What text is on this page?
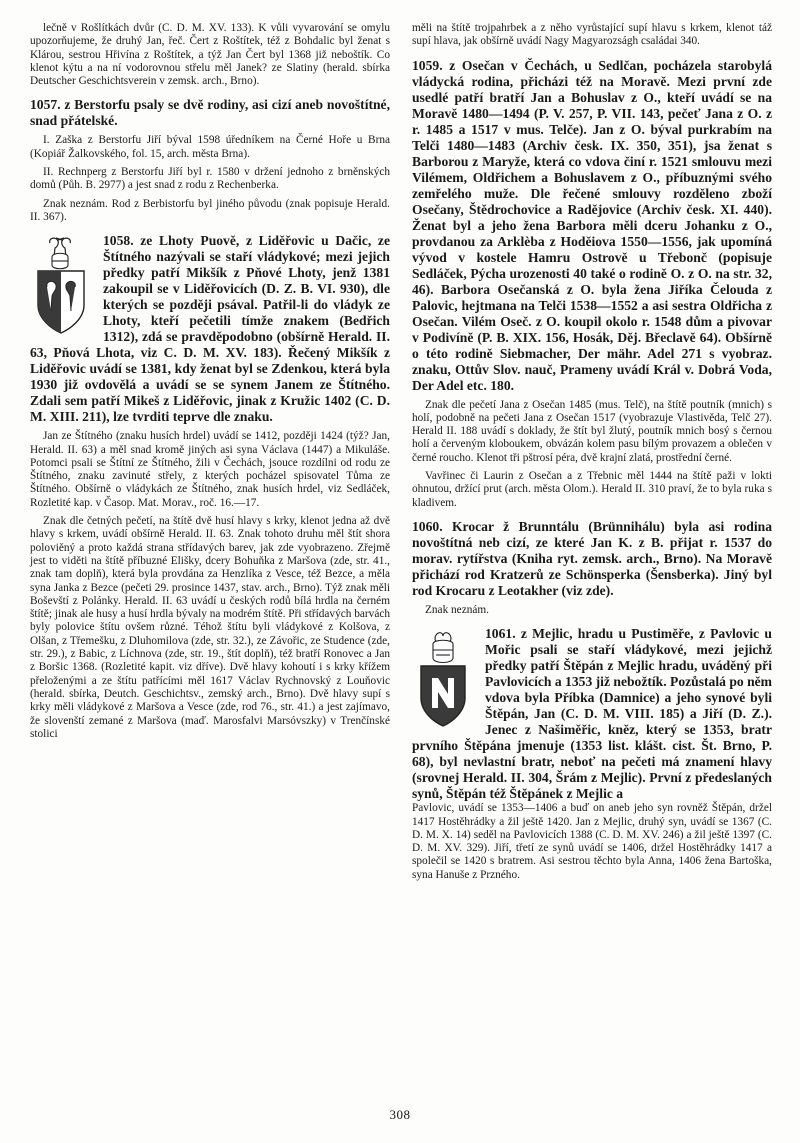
lečně v Rošlítkách dvůr (C. D. M. XV. 133). K vůli vyvarování se omylu upozorňujeme, že druhý Jan, řeč. Čert z Roštítek, též z Bohdalic byl ženat s Klárou, sestrou Hřivína z Roštítek, a týž Jan Čert byl 1368 již neboštík. Co klenot kýtu a na ní vodorovnou střelu měl Janek? ze Slatiny (herald. sbírka Deutscher Geschichtsverein v zemsk. arch., Brno).

1057. z Berstorfu psaly se dvě rodiny, asi cizí aneb novoštítné, snad přátelské.

I. Zaška z Berstorfu Jiří býval 1598 úředníkem na Černé Hoře u Brna (Kopiář Žalkovského, fol. 15, arch. města Brna).

II. Rechnperg z Berstorfu Jiří byl r. 1580 v držení jednoho z brněnských domů (Půh. B. 2977) a jest snad z rodu z Rechenberka.

Znak neznám. Rod z Berbistorfu byl jiného původu (znak popisuje Herald. II. 367).

1058. ze Lhoty Puově, z Liděřovic u Dačic, ze Štítného nazývali se staří vládykové; mezi jejich předky patří Mikšík z Pňové Lhoty, jenž 1381 zakoupil se v Liděřovicích (D. Z. B. VI. 930), dle kterých se později psával. Patřil-li do vládyk ze Lhoty, kteří pečetili tímže znakem (Bedřich 1312), zdá se pravděpodobno (obšírně Herald. II. 63, Pňová Lhota, viz C. D. M. XV. 183). Řečený Mikšík z Liděřovic uvádí se 1381, kdy ženat byl se Zdenkou, která byla 1930 již ovdovělá a uvádí se se synem Janem ze Štítného. Zdali sem patří Mikeš z Liděřovic, jinak z Kružic 1402 (C. D. M. XIII. 211), lze tvrditi teprve dle znaku.

Jan ze Štítného (znaku husích hrdel) uvádí se 1412, později 1424 (týž? Jan, Herald. II. 63) a měl snad kromě jiných asi syna Václava (1447) a Mikuláše. Potomci psali se Štítní ze Štítného, žili v Čechách, jsouce rozdílni od rodu ze Štítného, znaku zavinuté střely, z kterých pocházel spisovatel Tůma ze Štítného. Obšírně o vládykách ze Štítného, znak husích hrdel, viz Sedláček, Rozletité kap. v Časop. Mat. Morav., roč. 16.—17.

Znak dle četných pečetí, na štítě dvě husí hlavy s krky, klenot jedna až dvě hlavy s krkem, uvádí obšírně Herald. II. 63. Znak tohoto druhu měl štít shora poloviěný a proto každá strana střídavých barev, jak zde vyobrazeno. Zřejmě jest to viděti na štítě příbuzné Elišky, dcery Bohuňka z Maršova (zde, str. 41., znak tam doplň), která byla provdána za Henzlíka z Vesce, též Bezce, a měla syna Janka z Bezce (pečeti 29. prosince 1437, stav. arch., Brno). Týž znak měli Boševští z Polánky. Herald. II. 63 uvádí u českých rodů bílá hrdla na černém štítě; jinak ale husy a husí hrdla bývaly na modrém štítě. Při střídavých barvách byly polovice štítu ovšem různé. Téhož štítu byli vládykové z Kolšova, z Olšan, z Třemešku, z Dluhomilova (zde, str. 32.), ze Závořic, ze Studence (zde, str. 29.), z Babic, z Líchnova (zde, str. 19., štít doplň), též bratří Ronovec a Jan z Boršic 1368. (Rozletité kapit. viz dříve). Dvě hlavy kohoutí i s krky křížem přeloženými a ze štítu patřícími měl 1617 Václav Rychnovský z Louňovic (herald. sbírka, Deutch. Geschichtsv., zemský arch., Brno). Dvě hlavy supí s krky měli vládykové z Maršova a Vesce (zde, rod 76., str. 41.) a jest zajímavo, že slovenští zemané z Maršova (maď. Marosfalvi Marsóvszky) v Trenčínské stolici

měli na štítě trojpahrbek a z něho vyrůstající supí hlavu s krkem, klenot táž supí hlava, jak obšírně uvádí Nagy Magyarozságh családai 340.

1059. z Osečan v Čechách, u Sedlčan, pocházela starobylá vládycká rodina, přicházi též na Moravě. Mezi první zde usedlé patří bratří Jan a Bohuslav z O., kteří uvádí se na Moravě 1480—1494 (P. V. 257, P. VII. 143, pečeť Jana z O. z r. 1485 a 1517 v mus. Telče). Jan z O. býval purkrabím na Telči 1480—1483 (Archiv česk. IX. 350, 351), jsa ženat s Barborou z Maryže, která co vdova činí r. 1521 smlouvu mezi Vilémem, Oldřichem a Bohuslavem z O., příbuznými svého zemřelého muže. Dle řečené smlouvy rozděleno zboží Osečany, Štědrochovice a Radějovice (Archiv česk. XI. 440). Ženat byl a jeho žena Barbora měli dceru Johanku z O., provdanou za Arklèba z Hoděiova 1550—1556, jak upomíná vývod v kostele Hamru Ostrově u Třebonč (popisuje Sedláček, Pýcha urozenosti 40 také o rodině O. z O. na str. 32, 46). Barbora Osečanská z O. byla žena Jiříka Čelouda z Palovic, hejtmana na Telči 1538—1552 a asi sestra Oldřicha z Osečan. Vilém Oseč. z O. koupil okolo r. 1548 dům a pivovar v Podivíně (P. B. XIX. 156, Hosák, Děj. Břeclavě 64). Obšírně o této rodině Siebmacher, Der mähr. Adel 271 s vyobraz. znaku, Ottův Slov. nauč, Prameny uvádí Král v. Dobrá Voda, Der Adel etc. 180.

Znak dle pečetí Jana z Osečan 1485 (mus. Telč), na štítě poutník (mnich) s holí, podobně na pečeti Jana z Osečan 1517 (vyobrazuje Vlastivěda, Telč 27). Herald II. 188 uvádí s doklady, že štít byl žlutý, poutník mnich bosý s černou holí a červeným kloboukem, obvázán kolem pasu bílým provazem a oblečen v černé roucho. Klenot tři pštrosí péra, dvě krajní zlatá, prostřední černé.

Vavřinec či Laurin z Osečan a z Třebnic měl 1444 na štítě paži v lokti ohnutou, držící prut (arch. města Olom.). Herald II. 310 praví, že to byla ruka s kladivem.

1060. Krocar ž Brunntálu (Brünnihálu) byla asi rodina novoštítná neb cizí, ze které Jan K. z B. přijat r. 1537 do morav. rytířstva (Kniha ryt. zemsk. arch., Brno). Na Moravě přichází rod Kratzerů ze Schönsperka (Šensberka). Jiný byl rod Krocaru z Leotakher (viz zde).

Znak neznám.

1061. z Mejlic, hradu u Pustiměře, z Pavlovic u Mořic psali se staří vládykové, mezi jejichž předky patří Štěpán z Mejlic hradu, uváděný při Pavlovicích a 1353 již nebožtík. Pozůstalá po něm vdova byla Příbka (Damnice) a jeho synové byli Štěpán, Jan (C. D. M. VIII. 185) a Jiří (D. Z.). Jenec z Našiměřic, kněz, který se 1353, bratr prvního Štěpána jmenuje (1353 list. klášt. cist. Št. Brno, P. 68), byl nevlastní bratr, neboť na pečeti má znamení hlavy (srovnej Herald. II. 304, Šrám z Mejlic). První z předeslaných synů, Štěpán též Štěpánek z Mejlic a

Pavlovic, uvádí se 1353—1406 a buď on aneb jeho syn rovněž Štěpán, držel 1417 Hostěhrádky a žil ještě 1420. Jan z Mejlic, druhý syn, uvádí se 1367 (C. D. M. X. 14) seděl na Pavlovicích 1388 (C. D. M. XV. 246) a žil ještě 1397 (C. D. M. XV. 329). Jiří, třetí ze synů uvádí se 1406, držel Hostěhrádky 1417 a společil se 1420 s bratrem. Asi sestrou těchto byla Anna, 1406 žena Bartoška, syna Hanuše z Przného.

308
